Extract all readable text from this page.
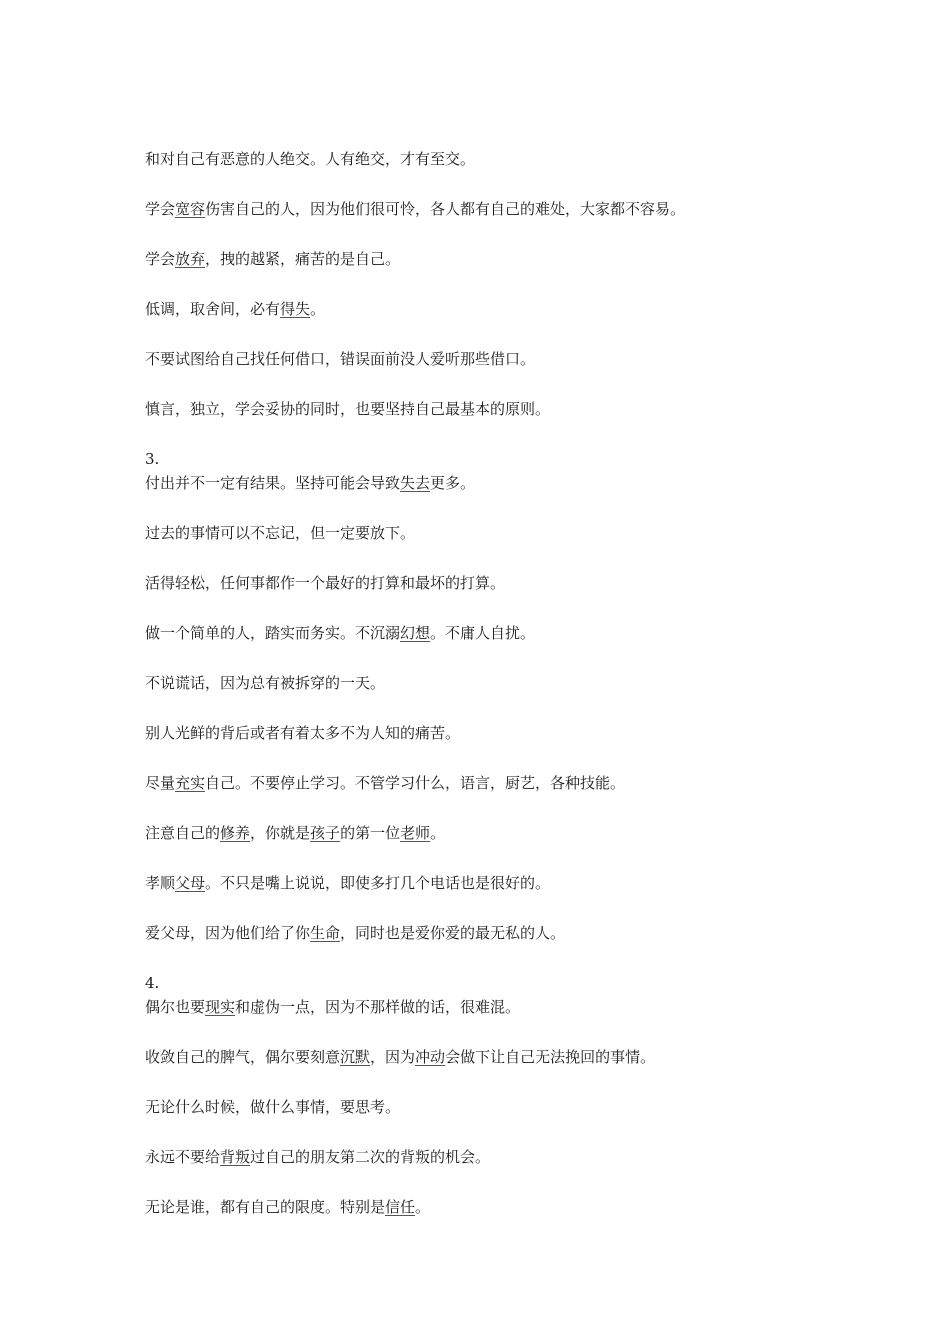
和对自己有恶意的人绝交。人有绝交，才有至交。
学会宽容伤害自己的人，因为他们很可怜，各人都有自己的难处，大家都不容易。
学会放弃，拽的越紧，痛苦的是自己。
低调，取舍间，必有得失。
不要试图给自己找任何借口，错误面前没人爱听那些借口。
慎言，独立，学会妥协的同时，也要坚持自己最基本的原则。
3.
付出并不一定有结果。坚持可能会导致失去更多。
过去的事情可以不忘记，但一定要放下。
活得轻松，任何事都作一个最好的打算和最坏的打算。
做一个简单的人，踏实而务实。不沉溺幻想。不庸人自扰。
不说谎话，因为总有被拆穿的一天。
别人光鲜的背后或者有着太多不为人知的痛苦。
尽量充实自己。不要停止学习。不管学习什么，语言，厨艺，各种技能。
注意自己的修养，你就是孩子的第一位老师。
孝顺父母。不只是嘴上说说，即使多打几个电话也是很好的。
爱父母，因为他们给了你生命，同时也是爱你爱的最无私的人。
4.
偶尔也要现实和虚伪一点，因为不那样做的话，很难混。
收敛自己的脾气，偶尔要刻意沉默，因为冲动会做下让自己无法挽回的事情。
无论什么时候，做什么事情，要思考。
永远不要给背叛过自己的朋友第二次的背叛的机会。
无论是谁，都有自己的限度。特别是信任。
